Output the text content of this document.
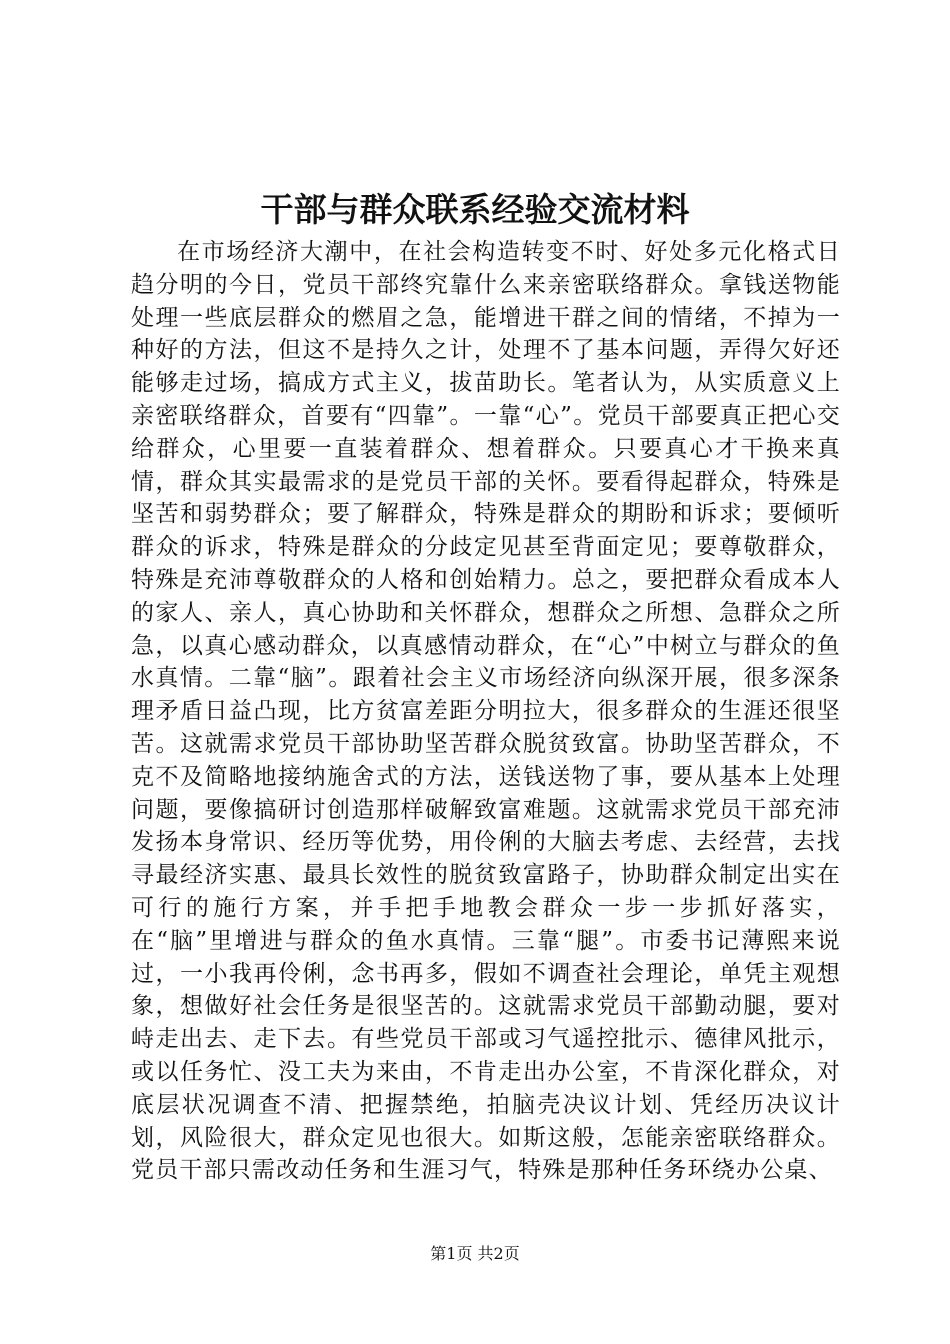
干部与群众联系经验交流材料

在市场经济大潮中，在社会构造转变不时、好处多元化格式日趋分明的今日，党员干部终究靠什么来亲密联络群众。拿钱送物能处理一些底层群众的燃眉之急，能增进干群之间的情绪，不掉为一种好的方法，但这不是持久之计，处理不了基本问题，弄得欠好还能够走过场，搞成方式主义，拔苗助长。笔者认为，从实质意义上亲密联络群众，首要有“四靠”。一靠“心”。党员干部要真正把心交给群众，心里要一直装着群众、想着群众。只要真心才干换来真情，群众其实最需求的是党员干部的关怀。要看得起群众，特殊是坚苦和弱势群众；要了解群众，特殊是群众的期盼和诉求；要倾听群众的诉求，特殊是群众的分歧定见甚至背面定见；要尊敬群众，特殊是充沛尊敬群众的人格和创始精力。总之，要把群众看成本人的家人、亲人，真心协助和关怀群众，想群众之所想、急群众之所急，以真心感动群众，以真感情动群众，在“心”中树立与群众的鱼水真情。二靠“脑”。跟着社会主义市场经济向纵深开展，很多深条理矛盾日益凸现，比方贫富差距分明拉大，很多群众的生涯还很坚苦。这就需求党员干部协助坚苦群众脱贫致富。协助坚苦群众，不克不及简略地接纳施舍式的方法，送钱送物了事，要从基本上处理问题，要像搞研讨创造那样破解致富难题。这就需求党员干部充沛发扬本身常识、经历等优势，用伶俐的大脑去考虑、去经营，去找寻最经济实惠、最具长效性的脱贫致富路子，协助群众制定出实在可行的施行方案，并手把手地教会群众一步一步抓好落实，在“脑”里增进与群众的鱼水真情。三靠“腿”。市委书记薄熙来说过，一小我再伶俐，念书再多，假如不调查社会理论，单凭主观想象，想做好社会任务是很坚苦的。这就需求党员干部勤动腿，要对峙走出去、走下去。有些党员干部或习气遥控批示、德律风批示，或以任务忙、没工夫为来由，不肯走出办公室，不肯深化群众，对底层状况调查不清、把握禁绝，拍脑壳决议计划、凭经历决议计划，风险很大，群众定见也很大。如斯这般，怎能亲密联络群众。党员干部只需改动任务和生涯习气，特殊是那种任务环绕办公桌、

第1页 共2页
